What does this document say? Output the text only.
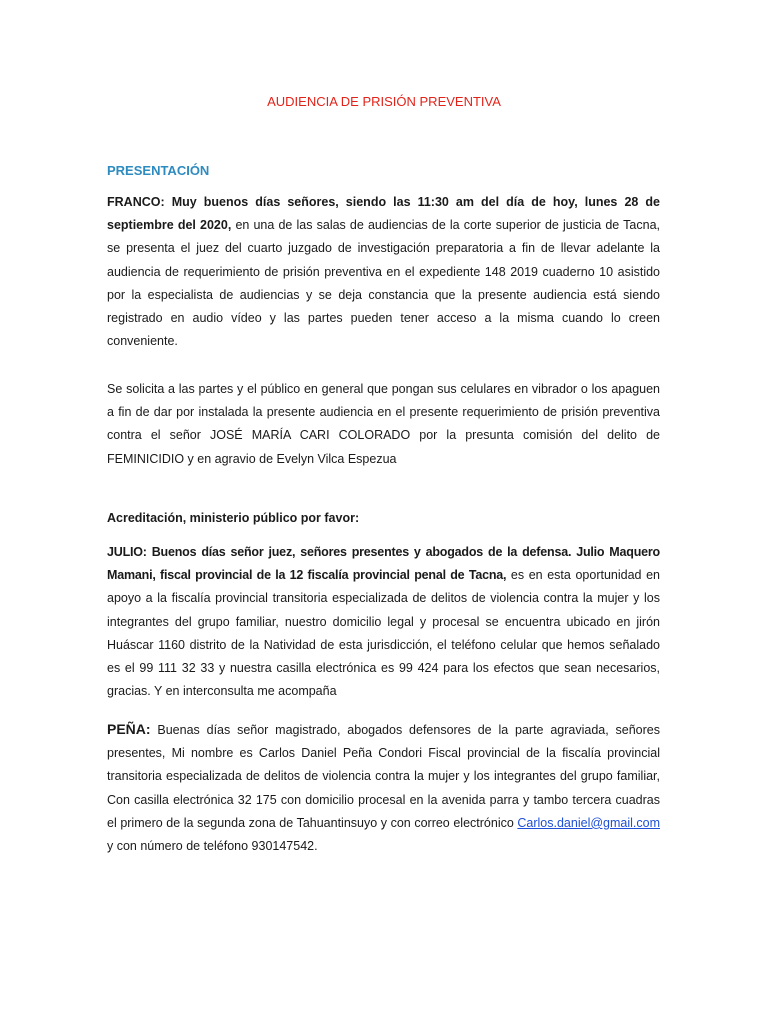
AUDIENCIA DE PRISIÓN PREVENTIVA
PRESENTACIÓN

FRANCO: Muy buenos días señores, siendo las 11:30 am del día de hoy, lunes 28 de septiembre del 2020, en una de las salas de audiencias de la corte superior de justicia de Tacna, se presenta el juez del cuarto juzgado de investigación preparatoria a fin de llevar adelante la audiencia de requerimiento de prisión preventiva en el expediente 148 2019 cuaderno 10 asistido por la especialista de audiencias y se deja constancia que la presente audiencia está siendo registrado en audio vídeo y las partes pueden tener acceso a la misma cuando lo creen conveniente.

Se solicita a las partes y el público en general que pongan sus celulares en vibrador o los apaguen a fin de dar por instalada la presente audiencia en el presente requerimiento de prisión preventiva contra el señor JOSÉ MARÍA CARI COLORADO por la presunta comisión del delito de FEMINICIDIO y en agravio de Evelyn Vilca Espezua

Acreditación, ministerio público por favor:

JULIO: Buenos días señor juez, señores presentes y abogados de la defensa. Julio Maquero Mamani, fiscal provincial de la 12 fiscalía provincial penal de Tacna, es en esta oportunidad en apoyo a la fiscalía provincial transitoria especializada de delitos de violencia contra la mujer y los integrantes del grupo familiar, nuestro domicilio legal y procesal se encuentra ubicado en jirón Huáscar 1160 distrito de la Natividad de esta jurisdicción, el teléfono celular que hemos señalado es el 99 111 32 33 y nuestra casilla electrónica es 99 424 para los efectos que sean necesarios, gracias. Y en interconsulta me acompaña

PEÑA: Buenas días señor magistrado, abogados defensores de la parte agraviada, señores presentes, Mi nombre es Carlos Daniel Peña Condori Fiscal provincial de la fiscalía provincial transitoria especializada de delitos de violencia contra la mujer y los integrantes del grupo familiar, Con casilla electrónica 32 175 con domicilio procesal en la avenida parra y tambo tercera cuadras el primero de la segunda zona de Tahuantinsuyo y con correo electrónico Carlos.daniel@gmail.com y con número de teléfono 930147542.
